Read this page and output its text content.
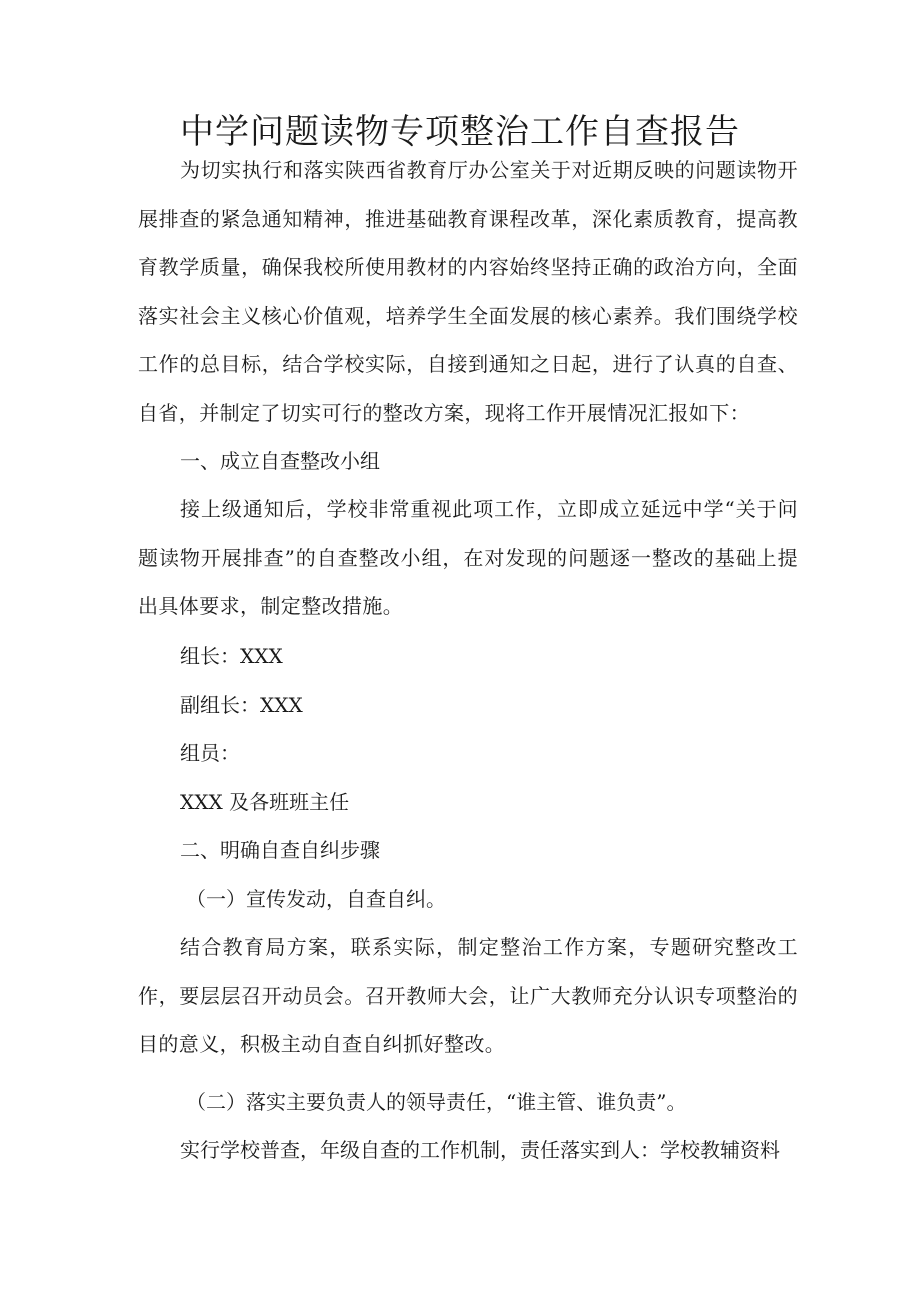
中学问题读物专项整治工作自查报告

为切实执行和落实陕西省教育厅办公室关于对近期反映的问题读物开展排查的紧急通知精神，推进基础教育课程改革，深化素质教育，提高教育教学质量，确保我校所使用教材的内容始终坚持正确的政治方向，全面落实社会主义核心价值观，培养学生全面发展的核心素养。我们围绕学校工作的总目标，结合学校实际，自接到通知之日起，进行了认真的自查、自省，并制定了切实可行的整改方案，现将工作开展情况汇报如下：

一、成立自查整改小组

接上级通知后，学校非常重视此项工作，立即成立延远中学“关于问题读物开展排查”的自查整改小组，在对发现的问题逐一整改的基础上提出具体要求，制定整改措施。

组长：XXX

副组长：XXX

组员：

XXX 及各班班主任

二、明确自查自纠步骤

（一）宣传发动，自查自纠。

结合教育局方案，联系实际，制定整治工作方案，专题研究整改工作，要层层召开动员会。召开教师大会，让广大教师充分认识专项整治的目的意义，积极主动自查自纠抓好整改。

（二）落实主要负责人的领导责任，“谁主管、谁负责”。

实行学校普查，年级自查的工作机制，责任落实到人：学校教辅资料
